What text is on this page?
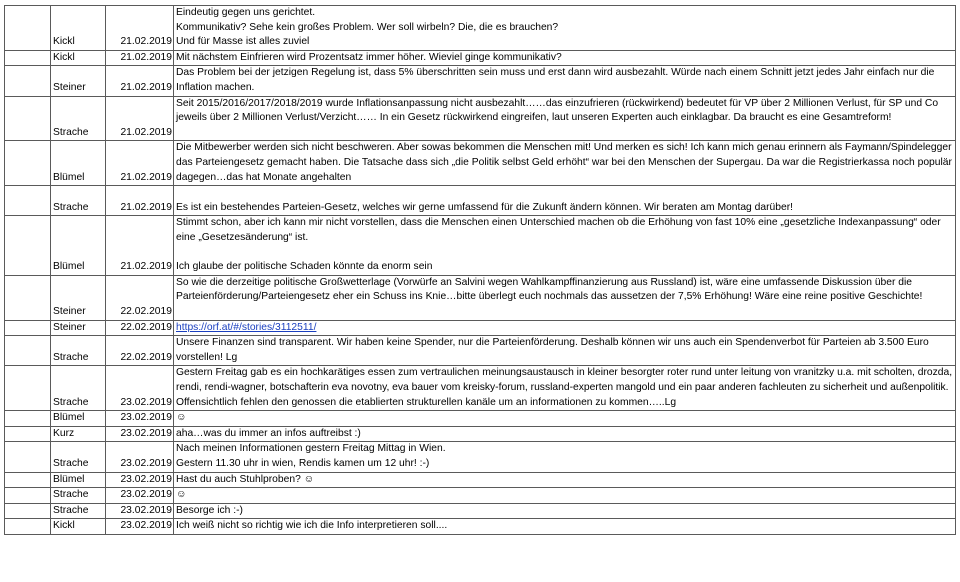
	Kickl	21.02.2019	Eindeutig gegen uns gerichtet.
Kommunikativ? Sehe kein großes Problem. Wer soll wirbeln? Die, die es brauchen?
Und für Masse ist alles zuviel
	Kickl	21.02.2019	Mit nächstem Einfrieren wird Prozentsatz immer höher. Wieviel ginge kommunikativ?
	Steiner	21.02.2019	Das Problem bei der jetzigen Regelung ist, dass 5% überschritten sein muss und erst dann wird ausbezahlt. Würde nach einem Schnitt jetzt jedes Jahr einfach nur die Inflation machen.
	Strache	21.02.2019	Seit 2015/2016/2017/2018/2019 wurde Inflationsanpassung nicht ausbezahlt……das einzufrieren (rückwirkend) bedeutet für VP über 2 Millionen Verlust, für SP und Co jeweils über 2 Millionen Verlust/Verzicht…… In ein Gesetz rückwirkend eingreifen, laut unseren Experten auch einklagbar. Da braucht es eine Gesamtreform!
	Blümel	21.02.2019	Die Mitbewerber werden sich nicht beschweren. Aber sowas bekommen die Menschen mit! Und merken es sich! Ich kann mich genau erinnern als Faymann/Spindelegger das Parteiengesetz gemacht haben. Die Tatsache dass sich „die Politik selbst Geld erhöht“ war bei den Menschen der Supergau. Da war die Registrierkassa noch populär dagegen…das hat Monate angehalten
	Strache	21.02.2019	
Es ist ein bestehendes Parteien-Gesetz, welches wir gerne umfassend für die Zukunft ändern können. Wir beraten am Montag darüber!
	Blümel	21.02.2019	Stimmt schon, aber ich kann mir nicht vorstellen, dass die Menschen einen Unterschied machen ob die Erhöhung von fast 10% eine „gesetzliche Indexanpassung“ oder eine „Gesetzesänderung“ ist.

Ich glaube der politische Schaden könnte da enorm sein
	Steiner	22.02.2019	So wie die derzeitige politische Großwetterlage (Vorwürfe an Salvini wegen Wahlkampffinanzierung aus Russland) ist, wäre eine umfassende Diskussion über die Parteienförderung/Parteiengesetz eher ein Schuss ins Knie…bitte überlegt euch nochmals das aussetzen der 7,5% Erhöhung! Wäre eine reine positive Geschichte!
	Steiner	22.02.2019	https://orf.at/#/stories/3112511/
	Strache	22.02.2019	Unsere Finanzen sind transparent. Wir haben keine Spender, nur die Parteienförderung. Deshalb können wir uns auch ein Spendenverbot für Parteien ab 3.500 Euro vorstellen! Lg
	Strache	23.02.2019	Gestern Freitag gab es ein hochkarätiges essen zum vertraulichen meinungsaustausch in kleiner besorgter roter rund unter leitung von vranitzky u.a. mit scholten, drozda, rendi, rendi-wagner, botschafterin eva novotny, eva bauer vom kreisky-forum, russland-experten mangold und ein paar anderen fachleuten zu sicherheit und außenpolitik. Offensichtlich fehlen den genossen die etablierten strukturellen kanäle um an informationen zu kommen…..Lg
	Blümel	23.02.2019	☺
	Kurz	23.02.2019	aha…was du immer an infos auftreibst :)
	Strache	23.02.2019	Nach meinen Informationen gestern Freitag Mittag in Wien.
Gestern 11.30 uhr in wien, Rendis kamen um 12 uhr! :-)
	Blümel	23.02.2019	Hast du auch Stuhlproben? ☺
	Strache	23.02.2019	☺
	Strache	23.02.2019	Besorge ich :-)
	Kickl	23.02.2019	Ich weiß nicht so richtig wie ich die Info interpretieren soll....
